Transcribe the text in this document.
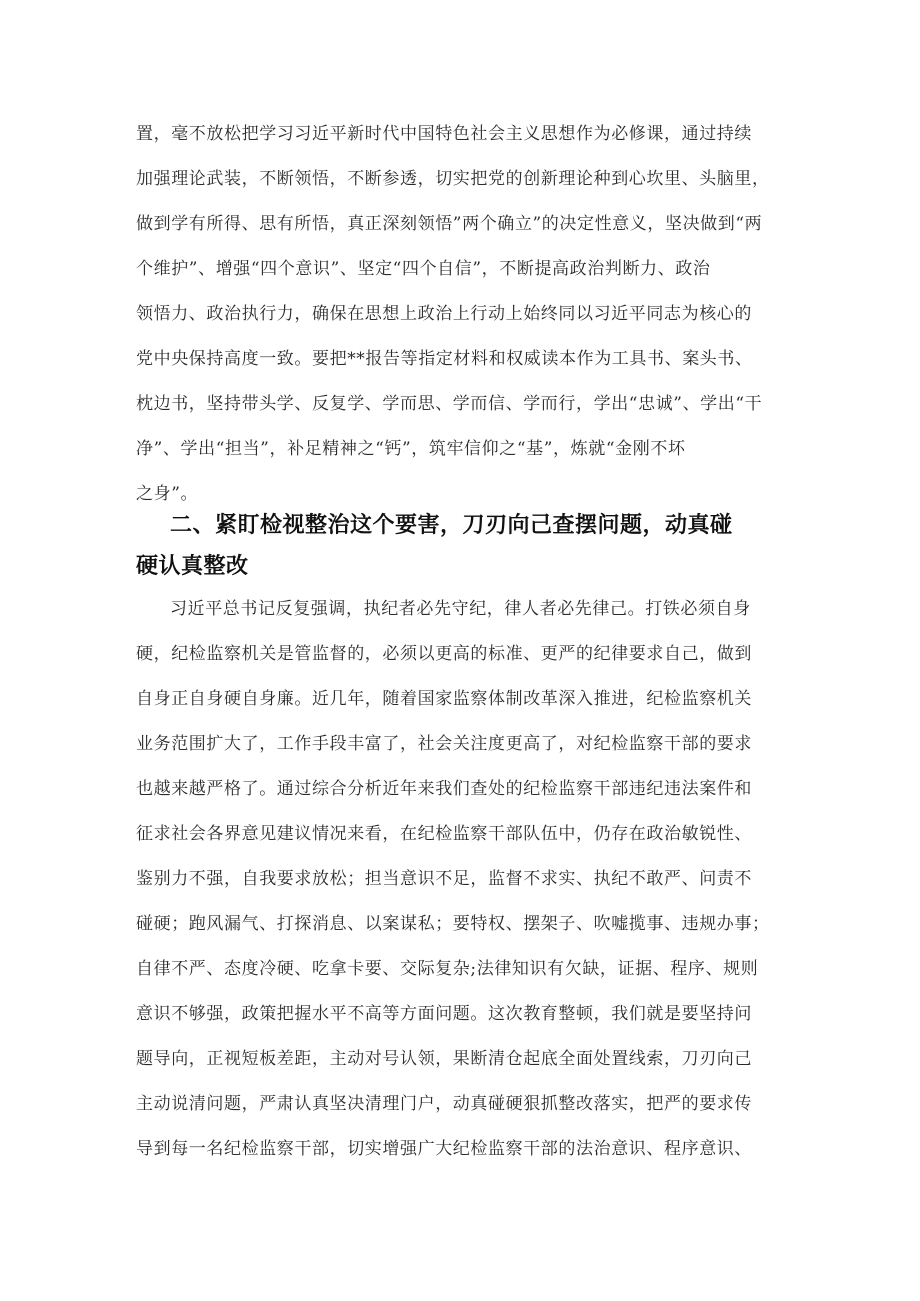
置，毫不放松把学习习近平新时代中国特色社会主义思想作为必修课，通过持续
加强理论武装，不断领悟，不断参透，切实把党的创新理论种到心坎里、头脑里，
做到学有所得、思有所悟，真正深刻领悟”两个确立”的决定性意义，坚决做到“两
个维护”、增强“四个意识”、坚定“四个自信”，不断提高政治判断力、政治
领悟力、政治执行力，确保在思想上政治上行动上始终同以习近平同志为核心的
党中央保持高度一致。要把**报告等指定材料和权威读本作为工具书、案头书、
枕边书，坚持带头学、反复学、学而思、学而信、学而行，学出“忠诚”、学出“干
净”、学出“担当”，补足精神之“钙”，筑牢信仰之“基”，炼就“金刚不坏
之身”。
二、紧盯检视整治这个要害，刀刃向己查摆问题，动真碰
硬认真整改
习近平总书记反复强调，执纪者必先守纪，律人者必先律己。打铁必须自身
硬，纪检监察机关是管监督的，必须以更高的标准、更严的纪律要求自己，做到
自身正自身硬自身廉。近几年，随着国家监察体制改革深入推进，纪检监察机关
业务范围扩大了，工作手段丰富了，社会关注度更高了，对纪检监察干部的要求
也越来越严格了。通过综合分析近年来我们查处的纪检监察干部违纪违法案件和
征求社会各界意见建议情况来看，在纪检监察干部队伍中，仍存在政治敏锐性、
鉴别力不强，自我要求放松；担当意识不足，监督不求实、执纪不敢严、问责不
碰硬；跑风漏气、打探消息、以案谋私；要特权、摆架子、吹嘘揽事、违规办事；
自律不严、态度冷硬、吃拿卡要、交际复杂;法律知识有欠缺，证据、程序、规则
意识不够强，政策把握水平不高等方面问题。这次教育整顿，我们就是要坚持问
题导向，正视短板差距，主动对号认领，果断清仓起底全面处置线索，刀刃向己
主动说清问题，严肃认真坚决清理门户，动真碰硬狠抓整改落实，把严的要求传
导到每一名纪检监察干部，切实增强广大纪检监察干部的法治意识、程序意识、
